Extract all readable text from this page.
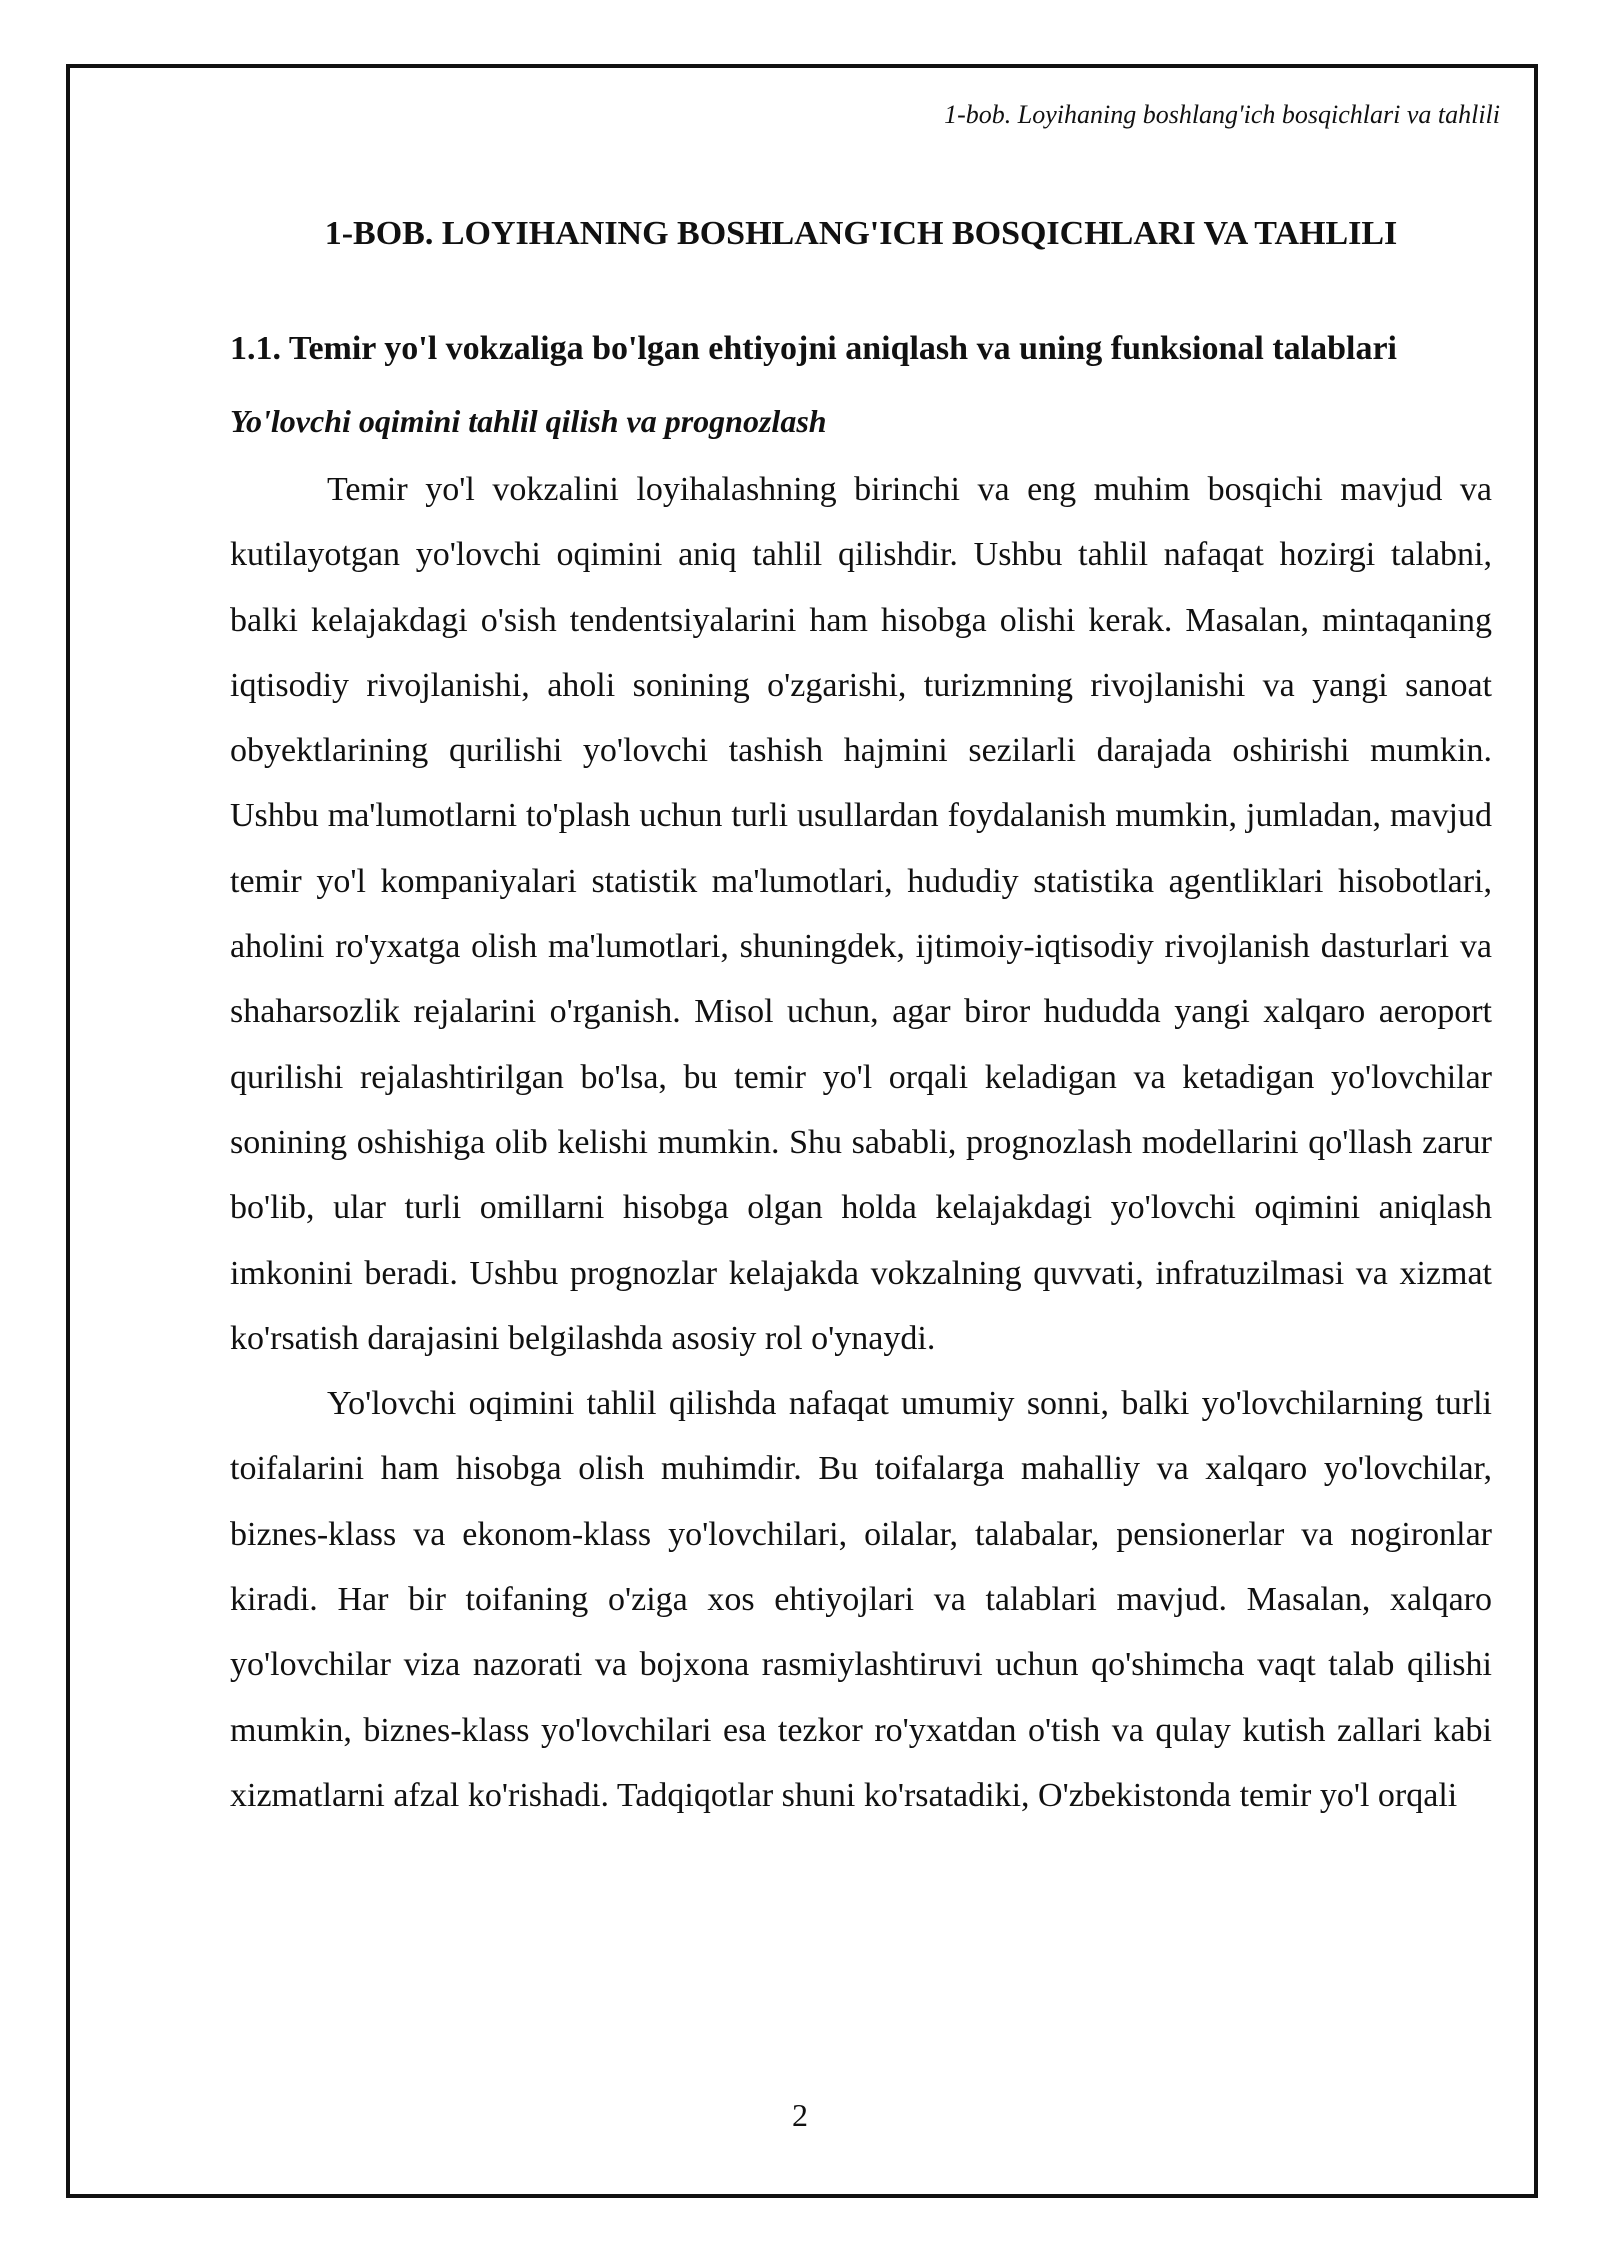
1-bob. Loyihaning boshlang'ich bosqichlari va tahlili
1-BOB. LOYIHANING BOSHLANG'ICH BOSQICHLARI VA TAHLILI
1.1. Temir yo'l vokzaliga bo'lgan ehtiyojni aniqlash va uning funksional talablari
Yo'lovchi oqimini tahlil qilish va prognozlash

Temir yo'l vokzalini loyihalashning birinchi va eng muhim bosqichi mavjud va kutilayotgan yo'lovchi oqimini aniq tahlil qilishdir. Ushbu tahlil nafaqat hozirgi talabni, balki kelajakdagi o'sish tendentsiyalarini ham hisobga olishi kerak. Masalan, mintaqaning iqtisodiy rivojlanishi, aholi sonining o'zgarishi, turizmning rivojlanishi va yangi sanoat obyektlarining qurilishi yo'lovchi tashish hajmini sezilarli darajada oshirishi mumkin. Ushbu ma'lumotlarni to'plash uchun turli usullardan foydalanish mumkin, jumladan, mavjud temir yo'l kompaniyalari statistik ma'lumotlari, hududiy statistika agentliklari hisobotlari, aholini ro'yxatga olish ma'lumotlari, shuningdek, ijtimoiy-iqtisodiy rivojlanish dasturlari va shaharsozlik rejalarini o'rganish. Misol uchun, agar biror hududda yangi xalqaro aeroport qurilishi rejalashtirilgan bo'lsa, bu temir yo'l orqali keladigan va ketadigan yo'lovchilar sonining oshishiga olib kelishi mumkin. Shu sababli, prognozlash modellarini qo'llash zarur bo'lib, ular turli omillarni hisobga olgan holda kelajakdagi yo'lovchi oqimini aniqlash imkonini beradi. Ushbu prognozlar kelajakda vokzalning quvvati, infratuzilmasi va xizmat ko'rsatish darajasini belgilashda asosiy rol o'ynaydi.

Yo'lovchi oqimini tahlil qilishda nafaqat umumiy sonni, balki yo'lovchilarning turli toifalarini ham hisobga olish muhimdir. Bu toifalarga mahalliy va xalqaro yo'lovchilar, biznes-klass va ekonom-klass yo'lovchilari, oilalar, talabalar, pensionerlar va nogironlar kiradi. Har bir toifaning o'ziga xos ehtiyojlari va talablari mavjud. Masalan, xalqaro yo'lovchilar viza nazorati va bojxona rasmiylashtiruvi uchun qo'shimcha vaqt talab qilishi mumkin, biznes-klass yo'lovchilari esa tezkor ro'yxatdan o'tish va qulay kutish zallari kabi xizmatlarni afzal ko'rishadi. Tadqiqotlar shuni ko'rsatadiki, O'zbekistonda temir yo'l orqali

2
